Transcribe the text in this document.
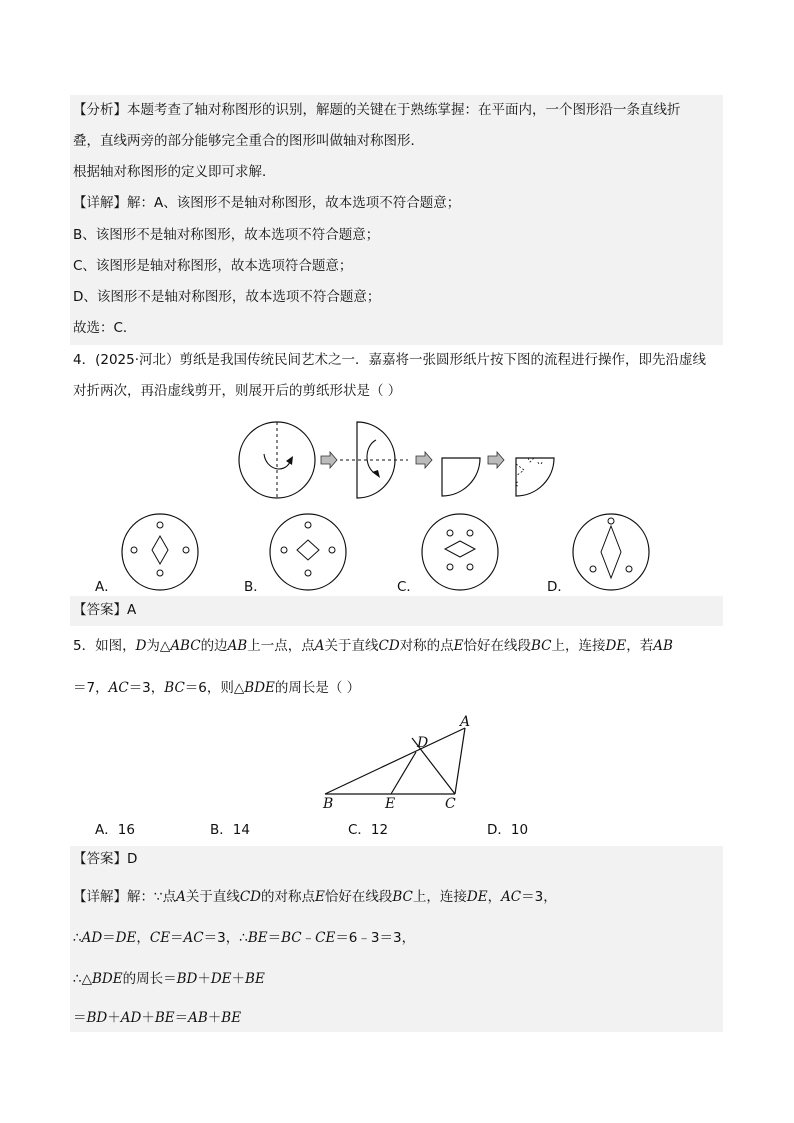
【分析】本题考查了轴对称图形的识别，解题的关键在于熟练掌握：在平面内，一个图形沿一条直线折
叠，直线两旁的部分能够完全重合的图形叫做轴对称图形．
根据轴对称图形的定义即可求解．
【详解】解：A、该图形不是轴对称图形，故本选项不符合题意；
B、该图形不是轴对称图形，故本选项不符合题意；
C、该图形是轴对称图形，故本选项符合题意；
D、该图形不是轴对称图形，故本选项不符合题意；
故选：C．
4．(2025·河北）剪纸是我国传统民间艺术之一．嘉嘉将一张圆形纸片按下图的流程进行操作，即先沿虚线
对折两次，再沿虚线剪开，则展开后的剪纸形状是（ ）
A．	B．	C．	D．
【答案】A
5．如图，D为△ABC的边AB上一点，点A关于直线CD对称的点E恰好在线段BC上，连接DE，若AB
＝7，AC＝3，BC＝6，则△BDE的周长是（ ）
A
D
B	E	C
A．16	B．14	C．12	D．10
【答案】D
【详解】解：∵点A关于直线CD的对称点E恰好在线段BC上，连接DE，AC＝3，
∴AD＝DE，CE＝AC＝3，∴BE＝BC﹣CE＝6﹣3＝3，
∴△BDE的周长＝BD＋DE＋BE
＝BD＋AD＋BE＝AB＋BE
